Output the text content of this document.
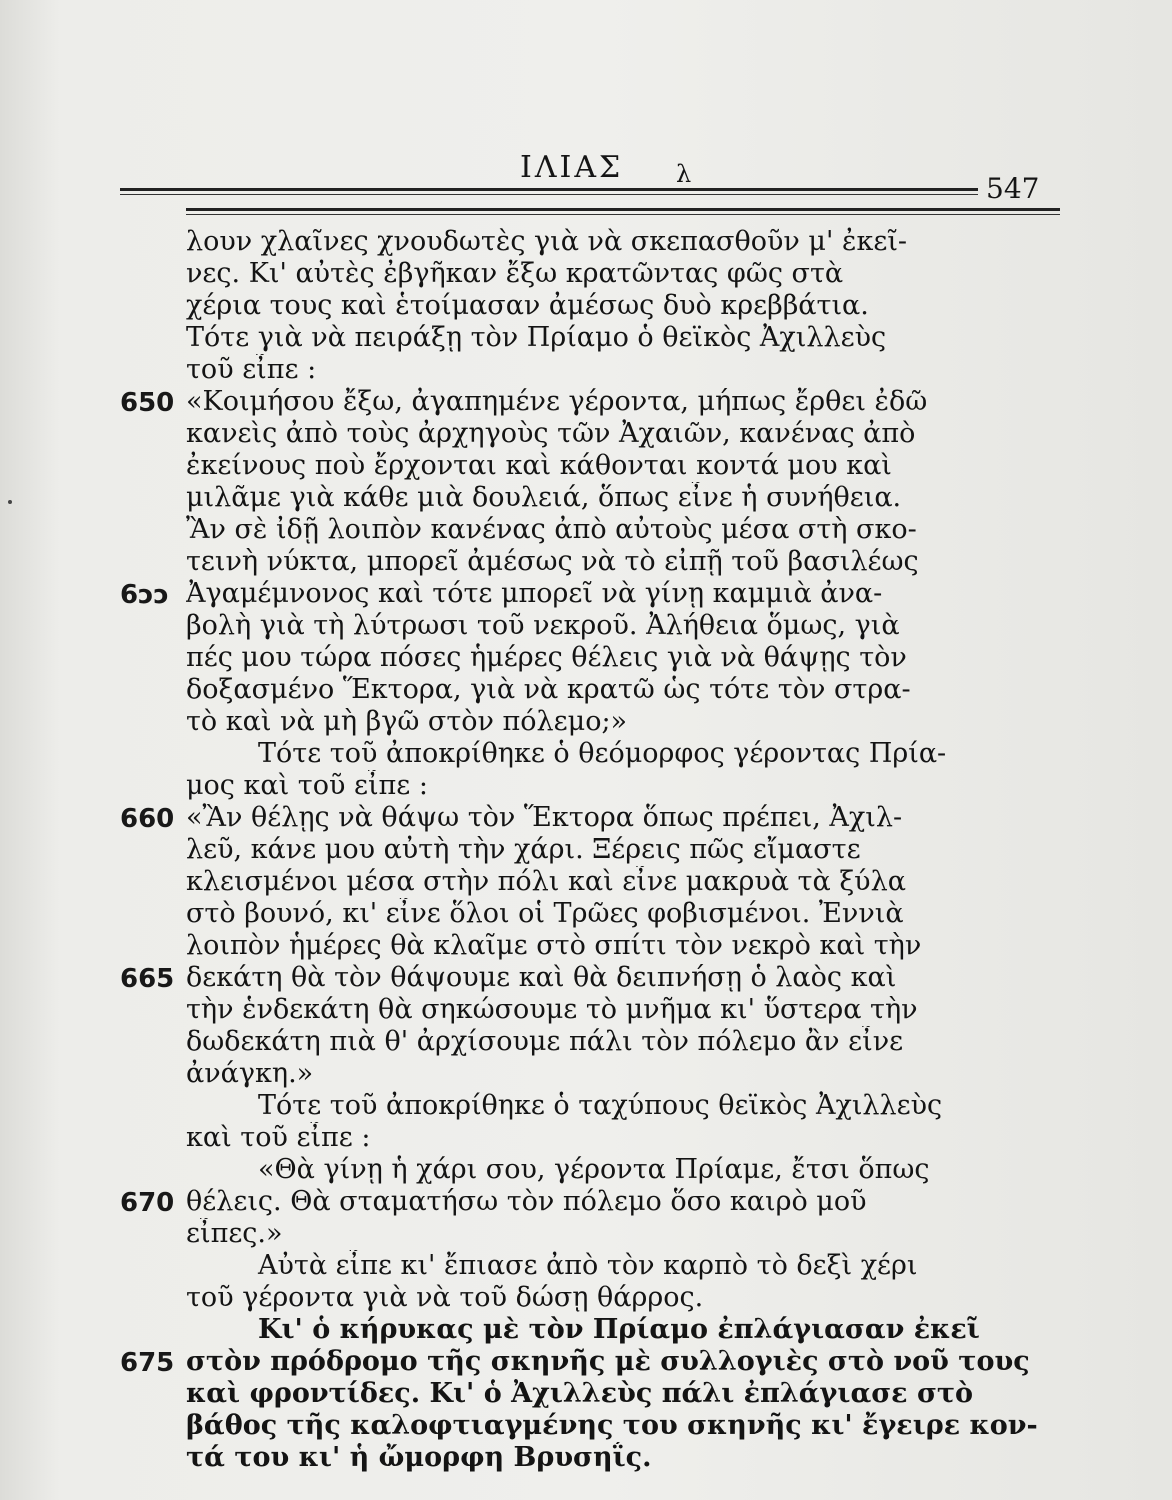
ΙΛΙΑΣ λ	547
λουν χλαῖνες χνουδωτὲς γιὰ νὰ σκεπασθοῦν μ' ἐκεῖ-
νες. Κι' αὐτὲς ἐβγῆκαν ἔξω κρατῶντας φῶς στὰ
χέρια τους καὶ ἑτοίμασαν ἀμέσως δυὸ κρεββάτια.
Τότε γιὰ νὰ πειράξῃ τὸν Πρίαμο ὁ θεϊκὸς Ἀχιλλεὺς
τοῦ εἶπε :
«Κοιμήσου ἔξω, ἀγαπημένε γέροντα, μήπως ἔρθει ἐδῶ
κανεὶς ἀπὸ τοὺς ἀρχηγοὺς τῶν Ἀχαιῶν, κανένας ἀπὸ
ἐκείνους ποὺ ἔρχονται καὶ κάθονται κοντά μου καὶ
μιλᾶμε γιὰ κάθε μιὰ δουλειά, ὅπως εἶνε ἡ συνήθεια.
Ἂν σὲ ἰδῇ λοιπὸν κανένας ἀπὸ αὐτοὺς μέσα στὴ σκο-
τεινὴ νύκτα, μπορεῖ ἀμέσως νὰ τὸ εἰπῇ τοῦ βασιλέως
Ἀγαμέμνονος καὶ τότε μπορεῖ νὰ γίνῃ καμμιὰ ἀνα-
βολὴ γιὰ τὴ λύτρωσι τοῦ νεκροῦ. Ἀλήθεια ὅμως, γιὰ
πές μου τώρα πόσες ἡμέρες θέλεις γιὰ νὰ θάψῃς τὸν
δοξασμένο Ἕκτορα, γιὰ νὰ κρατῶ ὡς τότε τὸν στρα-
τὸ καὶ νὰ μὴ βγῶ στὸν πόλεμο;»
Τότε τοῦ ἀποκρίθηκε ὁ θεόμορφος γέροντας Πρία-
μος καὶ τοῦ εἶπε :
«Ἂν θέλῃς νὰ θάψω τὸν Ἕκτορα ὅπως πρέπει, Ἀχιλ-
λεῦ, κάνε μου αὐτὴ τὴν χάρι. Ξέρεις πῶς εἴμαστε
κλεισμένοι μέσα στὴν πόλι καὶ εἶνε μακρυὰ τὰ ξύλα
στὸ βουνό, κι' εἶνε ὅλοι οἱ Τρῶες φοβισμένοι. Ἐννιὰ
λοιπὸν ἡμέρες θὰ κλαῖμε στὸ σπίτι τὸν νεκρὸ καὶ τὴν
δεκάτη θὰ τὸν θάψουμε καὶ θὰ δειπνήσῃ ὁ λαὸς καὶ
τὴν ἑνδεκάτη θὰ σηκώσουμε τὸ μνῆμα κι' ὕστερα τὴν
δωδεκάτη πιὰ θ' ἀρχίσουμε πάλι τὸν πόλεμο ἂν εἶνε
ἀνάγκη.»
Τότε τοῦ ἀποκρίθηκε ὁ ταχύπους θεϊκὸς Ἀχιλλεὺς
καὶ τοῦ εἶπε :
«Θὰ γίνῃ ἡ χάρι σου, γέροντα Πρίαμε, ἔτσι ὅπως
θέλεις. Θὰ σταματήσω τὸν πόλεμο ὅσο καιρὸ μοῦ
εἶπες.»
Αὐτὰ εἶπε κι' ἔπιασε ἀπὸ τὸν καρπὸ τὸ δεξὶ χέρι
τοῦ γέροντα γιὰ νὰ τοῦ δώσῃ θάρρος.
Κι' ὁ κήρυκας μὲ τὸν Πρίαμο ἐπλάγιασαν ἐκεῖ
στὸν πρόδρομο τῆς σκηνῆς μὲ συλλογιὲς στὸ νοῦ τους
καὶ φροντίδες. Κι' ὁ Ἀχιλλεὺς πάλι ἐπλάγιασε στὸ
βάθος τῆς καλοφτιαγμένης του σκηνῆς κι' ἔγειρε κον-
τά του κι' ἡ ὤμορφη Βρυσηΐς.
650
6ͻͻ
660
665
670
675
